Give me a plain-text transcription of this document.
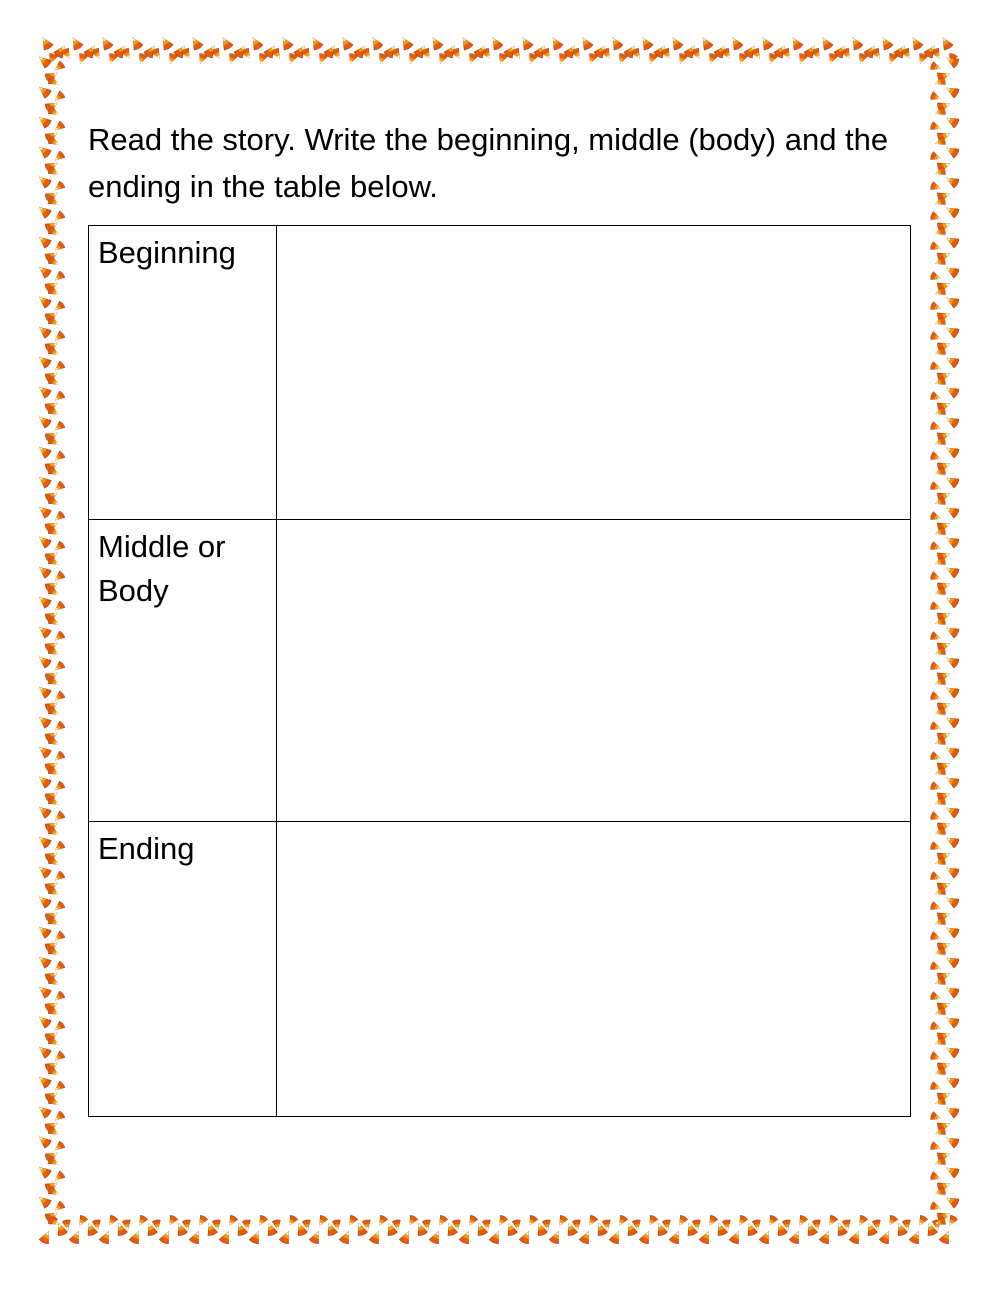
Read the story. Write the beginning, middle (body) and the ending in the table below.

Beginning	

Middle or Body	

Ending	
